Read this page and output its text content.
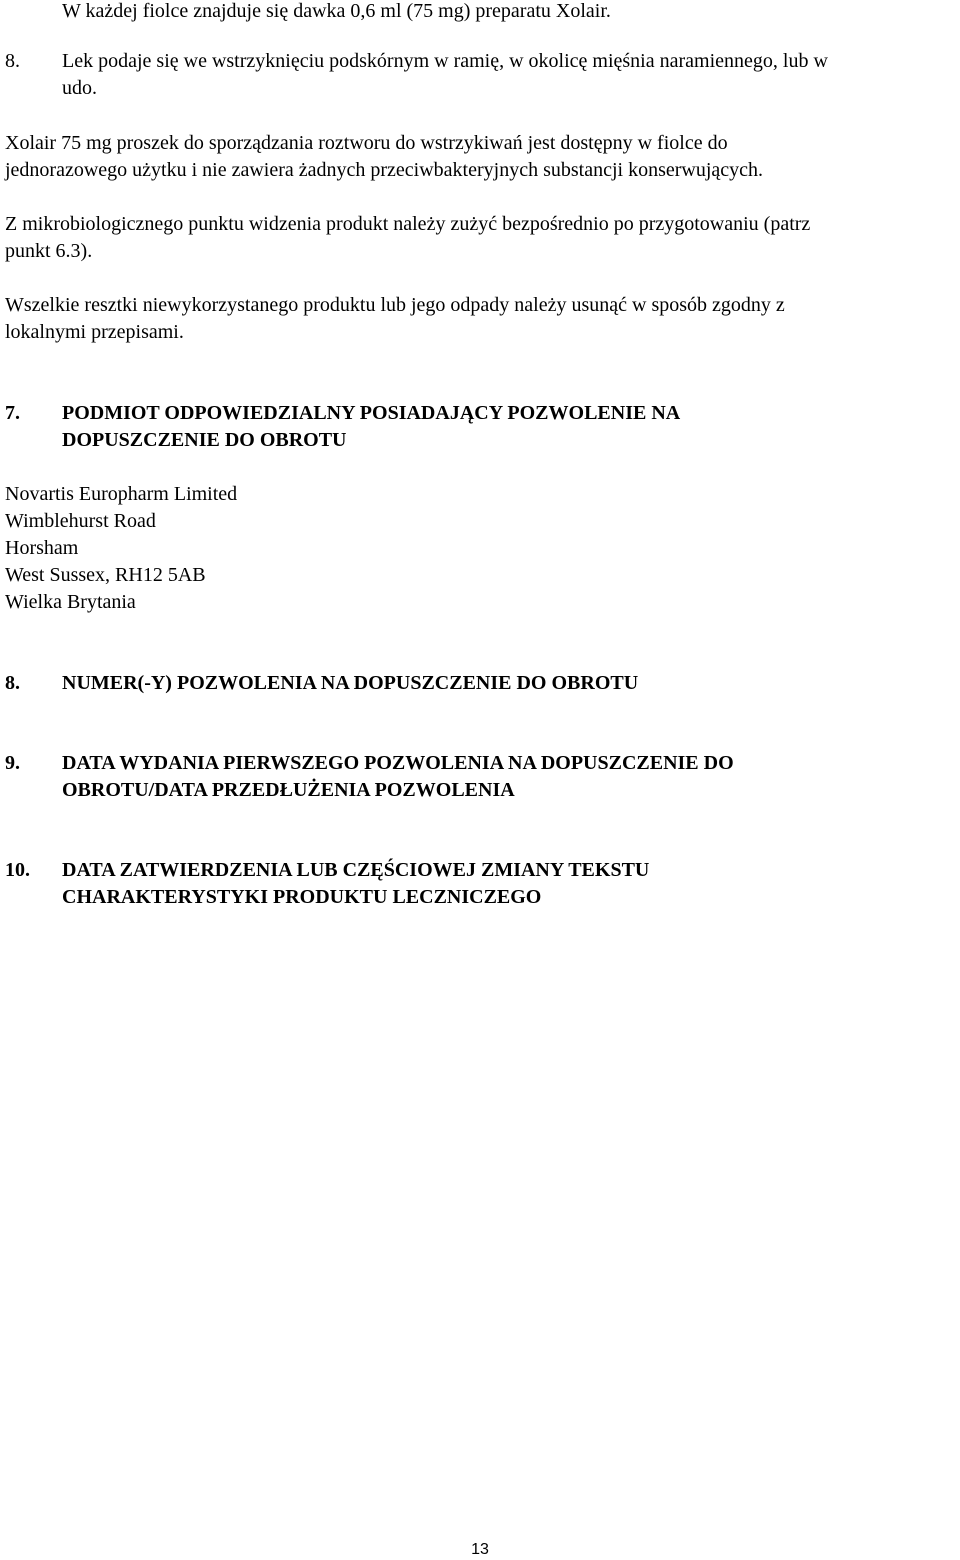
W każdej fiolce znajduje się dawka 0,6 ml (75 mg) preparatu Xolair.
8. Lek podaje się we wstrzyknięciu podskórnym w ramię, w okolicę mięśnia naramiennego, lub w
udo.
Xolair 75 mg proszek do sporządzania roztworu do wstrzykiwań jest dostępny w fiolce do
jednorazowego użytku i nie zawiera żadnych przeciwbakteryjnych substancji konserwujących.
Z mikrobiologicznego punktu widzenia produkt należy zużyć bezpośrednio po przygotowaniu (patrz
punkt 6.3).
Wszelkie resztki niewykorzystanego produktu lub jego odpady należy usunąć w sposób zgodny z
lokalnymi przepisami.
7. PODMIOT ODPOWIEDZIALNY POSIADAJĄCY POZWOLENIE NA
DOPUSZCZENIE DO OBROTU
Novartis Europharm Limited
Wimblehurst Road
Horsham
West Sussex, RH12 5AB
Wielka Brytania
8. NUMER(-Y) POZWOLENIA NA DOPUSZCZENIE DO OBROTU
9. DATA WYDANIA PIERWSZEGO POZWOLENIA NA DOPUSZCZENIE DO
OBROTU/DATA PRZEDŁUŻENIA POZWOLENIA
10. DATA ZATWIERDZENIA LUB CZĘŚCIOWEJ ZMIANY TEKSTU
CHARAKTERYSTYKI PRODUKTU LECZNICZEGO
13
